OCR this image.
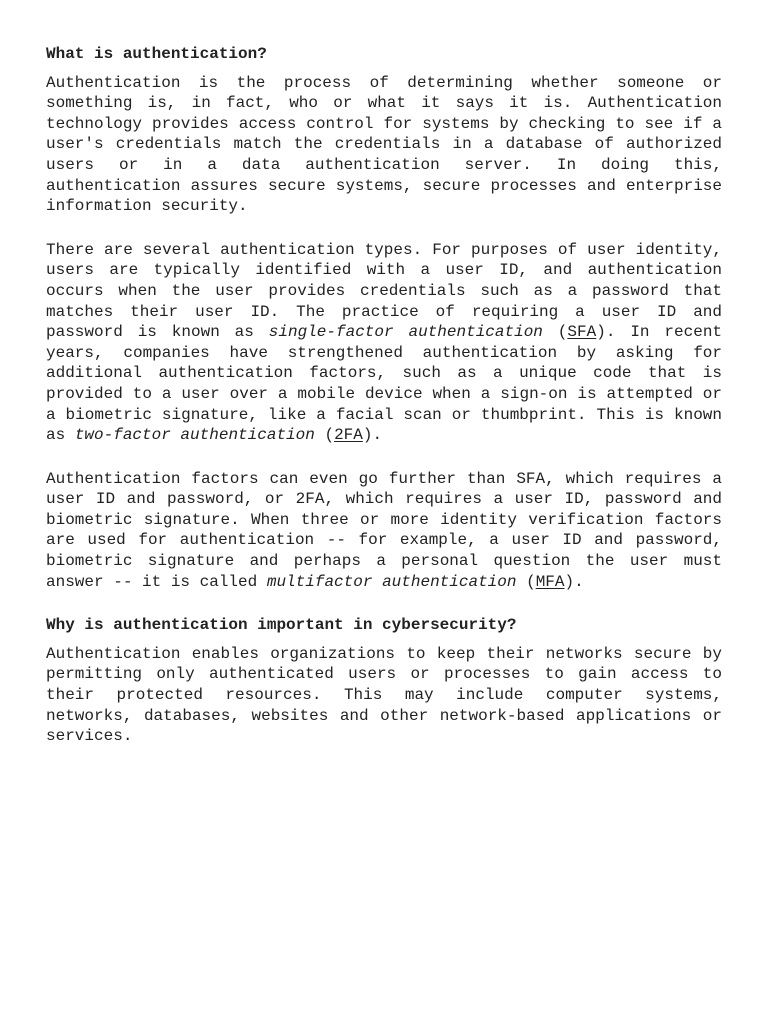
What is authentication?

Authentication is the process of determining whether someone or something is, in fact, who or what it says it is. Authentication technology provides access control for systems by checking to see if a user's credentials match the credentials in a database of authorized users or in a data authentication server. In doing this, authentication assures secure systems, secure processes and enterprise information security.

There are several authentication types. For purposes of user identity, users are typically identified with a user ID, and authentication occurs when the user provides credentials such as a password that matches their user ID. The practice of requiring a user ID and password is known as single-factor authentication (SFA). In recent years, companies have strengthened authentication by asking for additional authentication factors, such as a unique code that is provided to a user over a mobile device when a sign-on is attempted or a biometric signature, like a facial scan or thumbprint. This is known as two-factor authentication (2FA).

Authentication factors can even go further than SFA, which requires a user ID and password, or 2FA, which requires a user ID, password and biometric signature. When three or more identity verification factors are used for authentication -- for example, a user ID and password, biometric signature and perhaps a personal question the user must answer -- it is called multifactor authentication (MFA).

Why is authentication important in cybersecurity?

Authentication enables organizations to keep their networks secure by permitting only authenticated users or processes to gain access to their protected resources. This may include computer systems, networks, databases, websites and other network-based applications or services.
